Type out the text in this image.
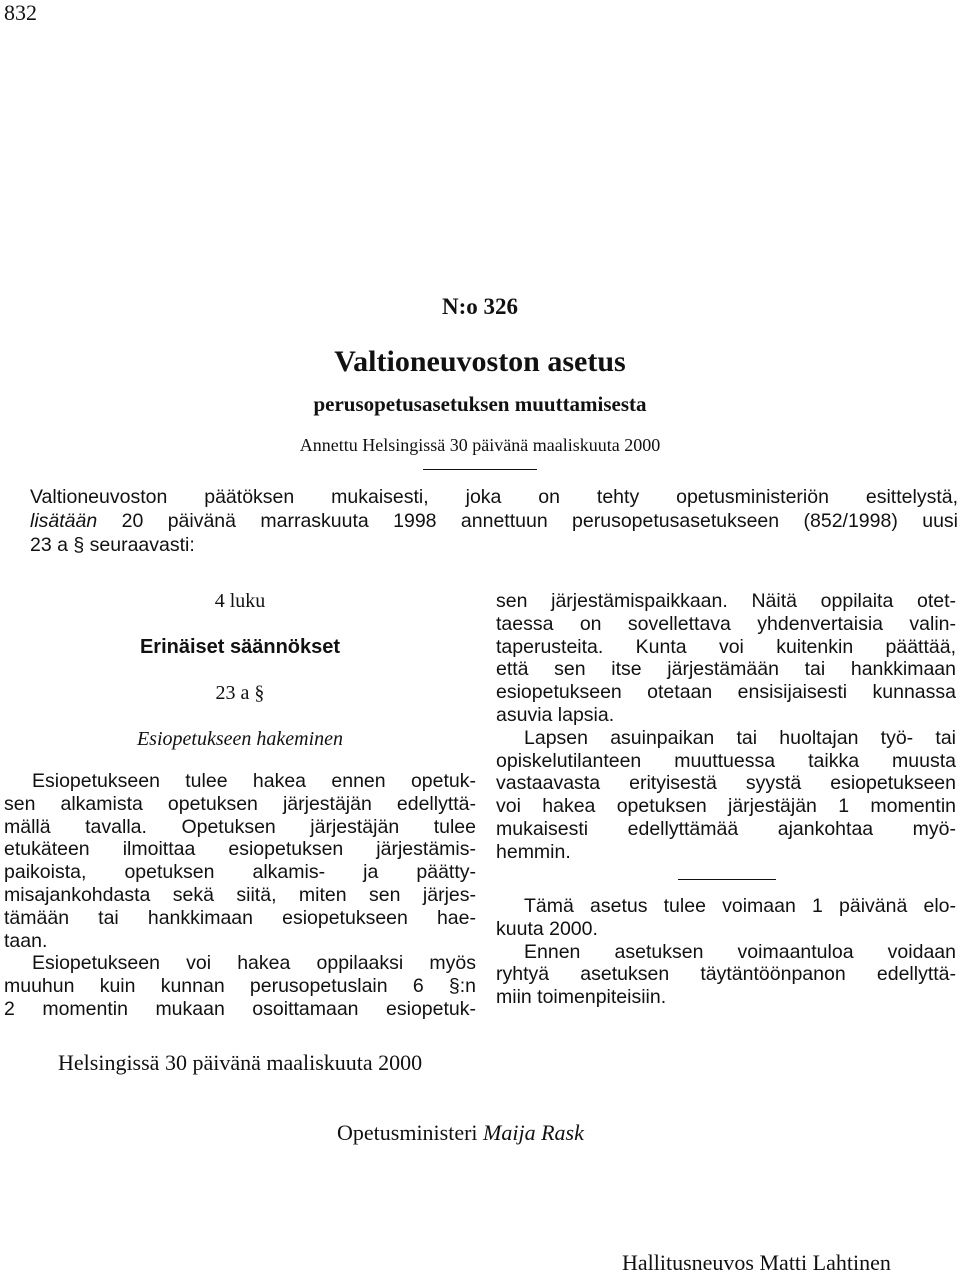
832
N:o 326
Valtioneuvoston asetus
perusopetusasetuksen muuttamisesta
Annettu Helsingissä 30 päivänä maaliskuuta 2000
Valtioneuvoston päätöksen mukaisesti, joka on tehty opetusministeriön esittelystä,
lisätään 20 päivänä marraskuuta 1998 annettuun perusopetusasetukseen (852/1998) uusi
23 a § seuraavasti:
4 luku
Erinäiset säännökset
23 a §
Esiopetukseen hakeminen
Esiopetukseen tulee hakea ennen opetuk-
sen alkamista opetuksen järjestäjän edellyttä-
mällä tavalla. Opetuksen järjestäjän tulee
etukäteen ilmoittaa esiopetuksen järjestämis-
paikoista, opetuksen alkamis- ja päätty-
misajankohdasta sekä siitä, miten sen järjes-
tämään tai hankkimaan esiopetukseen hae-
taan.
Esiopetukseen voi hakea oppilaaksi myös
muuhun kuin kunnan perusopetuslain 6 §:n
2 momentin mukaan osoittamaan esiopetuk-
sen järjestämispaikkaan. Näitä oppilaita otet-
taessa on sovellettava yhdenvertaisia valin-
taperusteita. Kunta voi kuitenkin päättää,
että sen itse järjestämään tai hankkimaan
esiopetukseen otetaan ensisijaisesti kunnassa
asuvia lapsia.
Lapsen asuinpaikan tai huoltajan työ- tai
opiskelutilanteen muuttuessa taikka muusta
vastaavasta erityisestä syystä esiopetukseen
voi hakea opetuksen järjestäjän 1 momentin
mukaisesti edellyttämää ajankohtaa myö-
hemmin.
Tämä asetus tulee voimaan 1 päivänä elo-
kuuta 2000.
Ennen asetuksen voimaantuloa voidaan
ryhtyä asetuksen täytäntöönpanon edellyttä-
miin toimenpiteisiin.
Helsingissä 30 päivänä maaliskuuta 2000
Opetusministeri Maija Rask
Hallitusneuvos Matti Lahtinen
